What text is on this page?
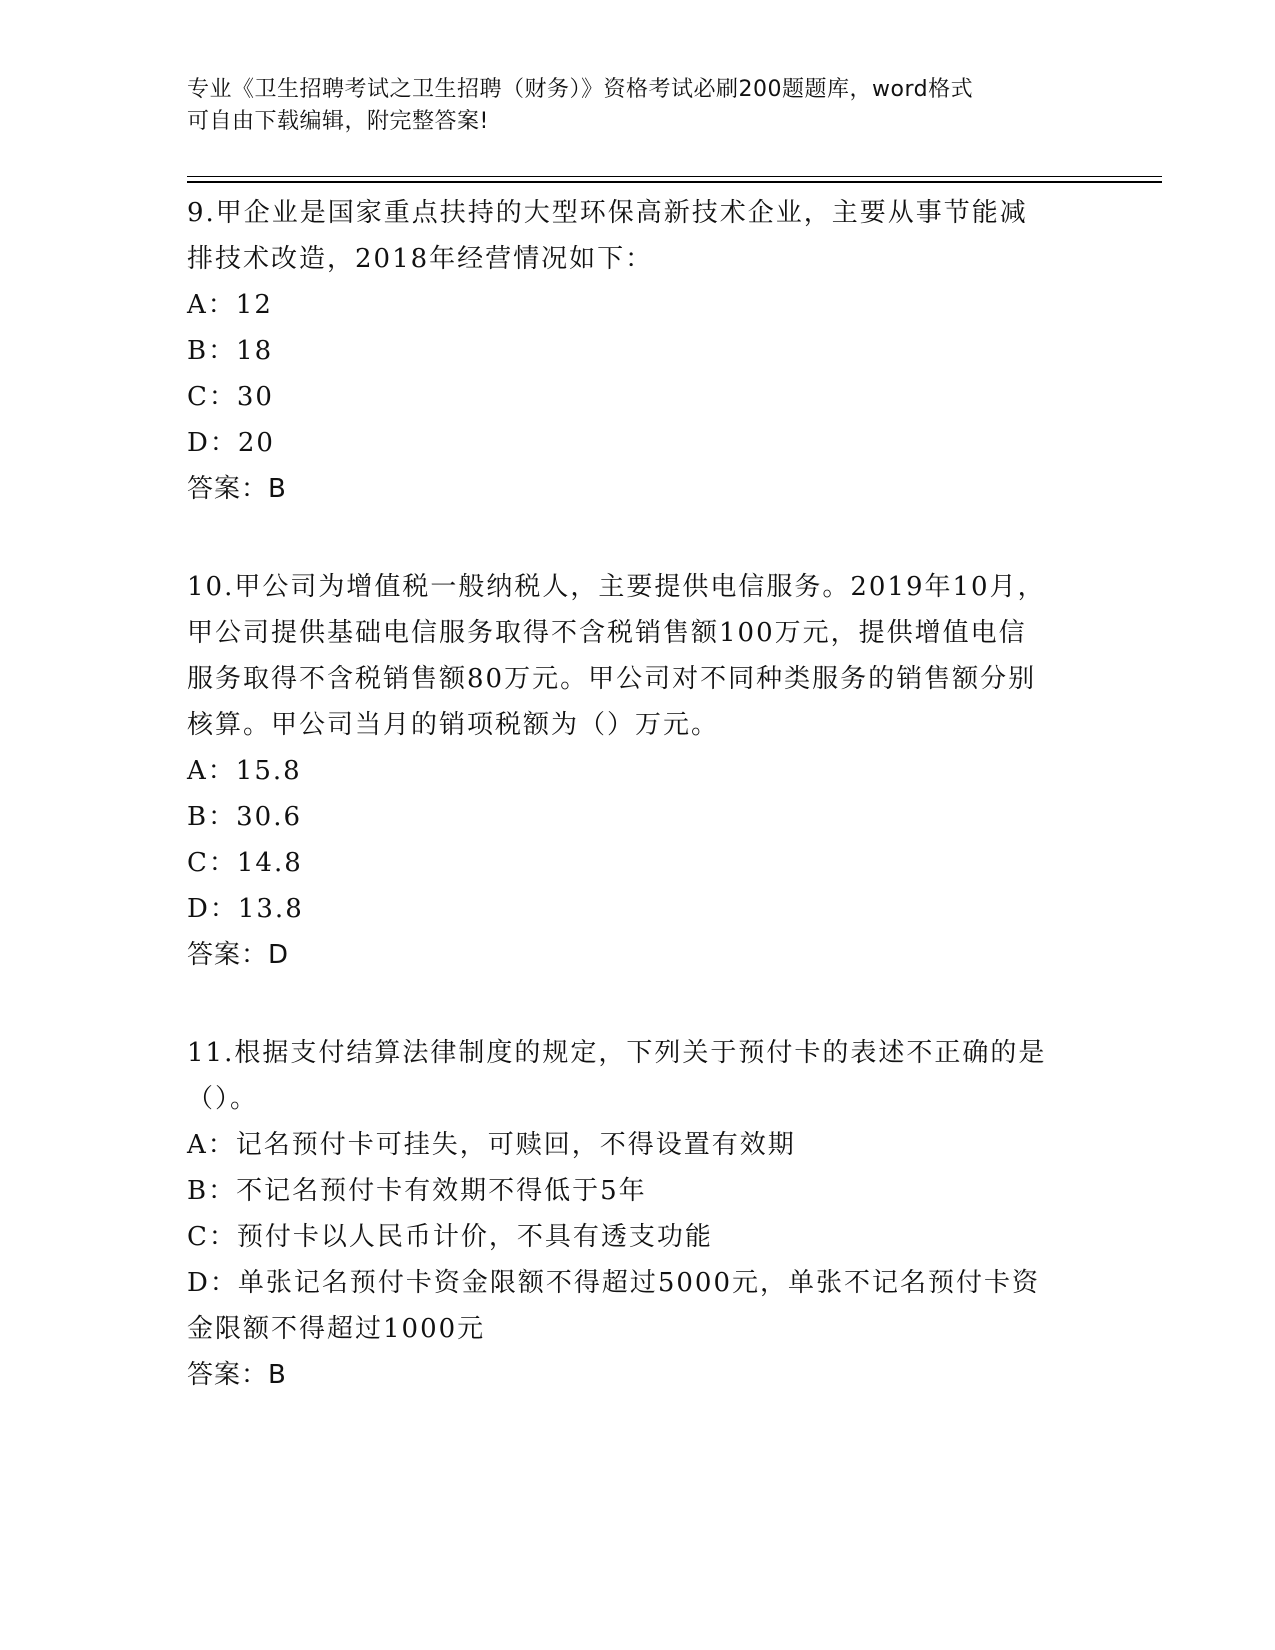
专业《卫生招聘考试之卫生招聘（财务）》资格考试必刷200题题库，word格式
可自由下载编辑，附完整答案!
9.甲企业是国家重点扶持的大型环保高新技术企业，主要从事节能减
排技术改造，2018年经营情况如下：
A：12
B：18
C：30
D：20
答案：B
10.甲公司为增值税一般纳税人，主要提供电信服务。2019年10月，
甲公司提供基础电信服务取得不含税销售额100万元，提供增值电信
服务取得不含税销售额80万元。甲公司对不同种类服务的销售额分别
核算。甲公司当月的销项税额为（）万元。
A：15.8
B：30.6
C：14.8
D：13.8
答案：D
11.根据支付结算法律制度的规定，下列关于预付卡的表述不正确的是
（）。
A：记名预付卡可挂失，可赎回，不得设置有效期
B：不记名预付卡有效期不得低于5年
C：预付卡以人民币计价，不具有透支功能
D：单张记名预付卡资金限额不得超过5000元，单张不记名预付卡资
金限额不得超过1000元
答案：B
